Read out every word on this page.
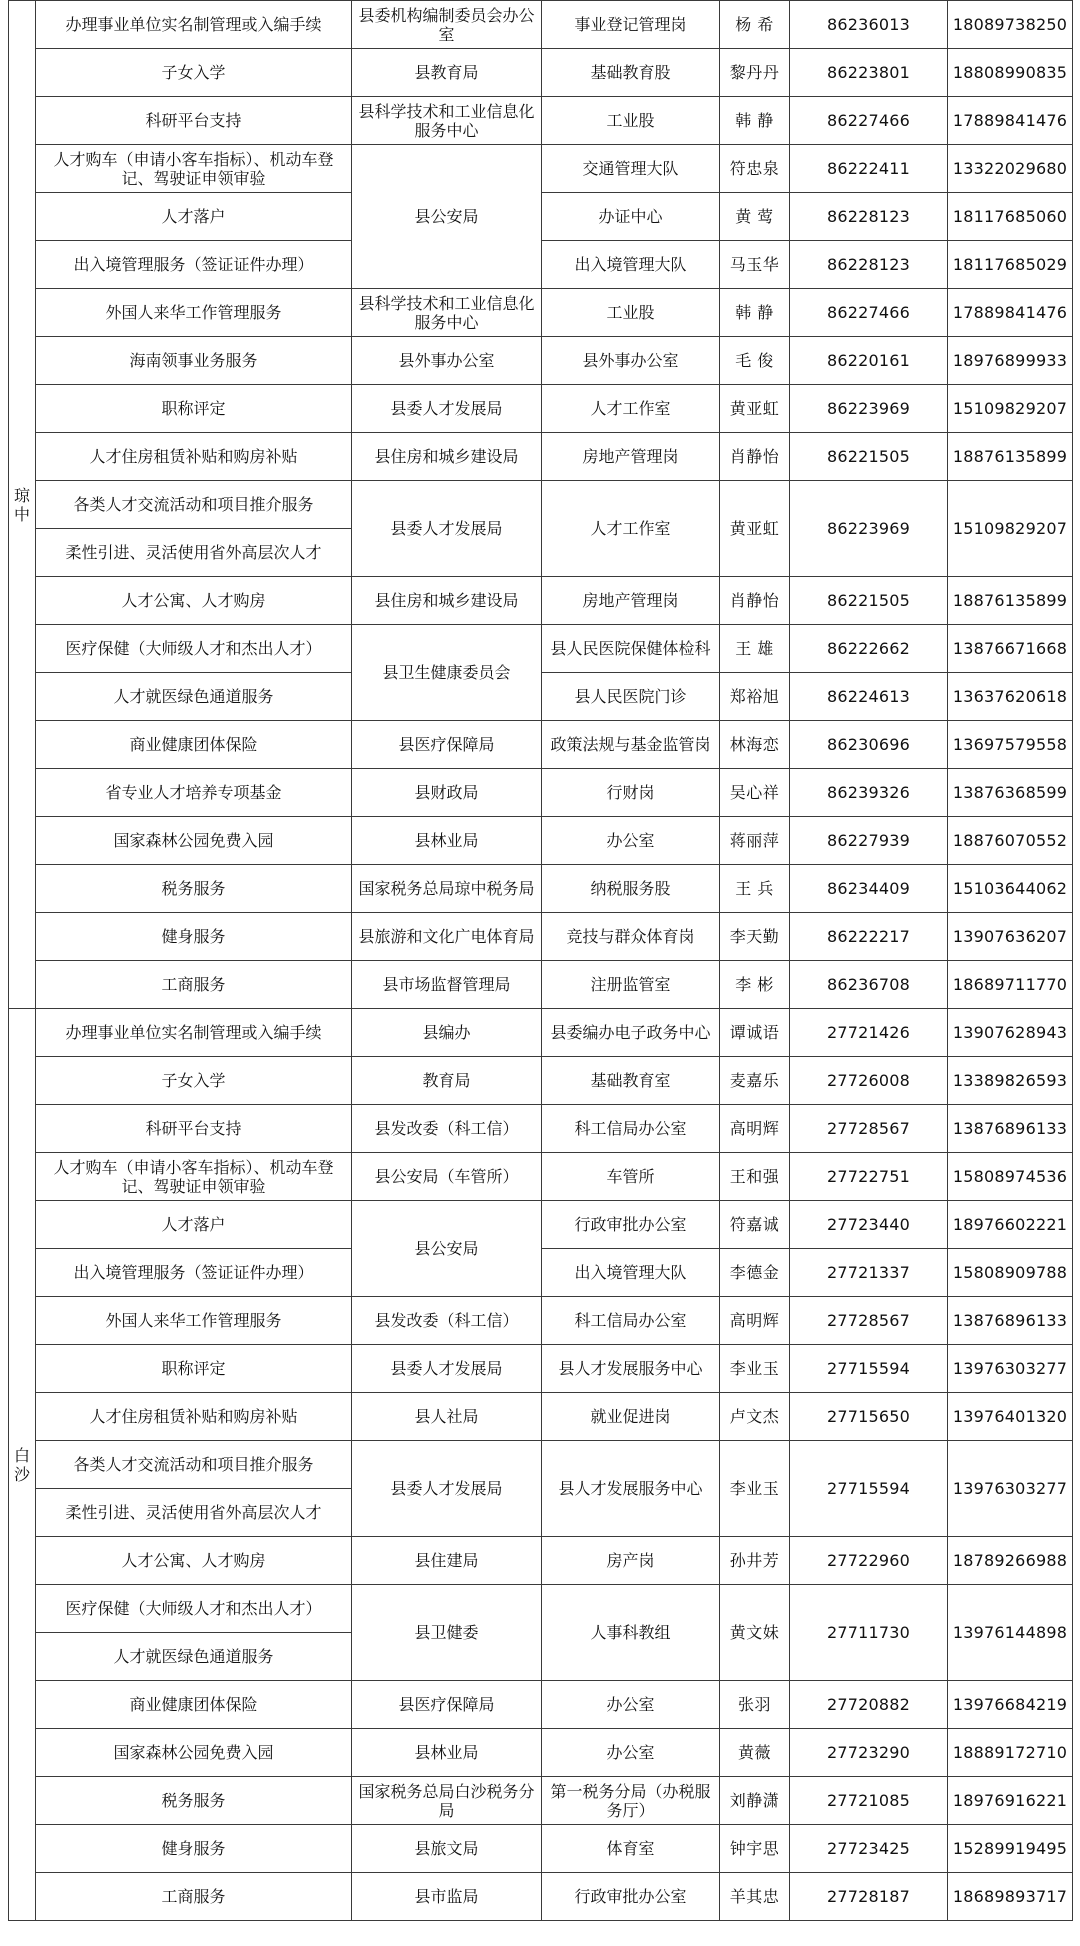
琼中	办理事业单位实名制管理或入编手续	县委机构编制委员会办公室	事业登记管理岗	杨 希	86236013	18089738250
	子女入学	县教育局	基础教育股	黎丹丹	86223801	18808990835
	科研平台支持	县科学技术和工业信息化服务中心	工业股	韩 静	86227466	17889841476
	人才购车（申请小客车指标）、机动车登记、驾驶证申领审验	县公安局	交通管理大队	符忠泉	86222411	13322029680
	人才落户		办证中心	黄 莺	86228123	18117685060
	出入境管理服务（签证证件办理）		出入境管理大队	马玉华	86228123	18117685029
	外国人来华工作管理服务	县科学技术和工业信息化服务中心	工业股	韩 静	86227466	17889841476
	海南领事业务服务	县外事办公室	县外事办公室	毛 俊	86220161	18976899933
	职称评定	县委人才发展局	人才工作室	黄亚虹	86223969	15109829207
	人才住房租赁补贴和购房补贴	县住房和城乡建设局	房地产管理岗	肖静怡	86221505	18876135899
	各类人才交流活动和项目推介服务	县委人才发展局	人才工作室	黄亚虹	86223969	15109829207
	柔性引进、灵活使用省外高层次人才					
	人才公寓、人才购房	县住房和城乡建设局	房地产管理岗	肖静怡	86221505	18876135899
	医疗保健（大师级人才和杰出人才）	县卫生健康委员会	县人民医院保健体检科	王 雄	86222662	13876671668
	人才就医绿色通道服务		县人民医院门诊	郑裕旭	86224613	13637620618
	商业健康团体保险	县医疗保障局	政策法规与基金监管岗	林海恋	86230696	13697579558
	省专业人才培养专项基金	县财政局	行财岗	吴心祥	86239326	13876368599
	国家森林公园免费入园	县林业局	办公室	蒋丽萍	86227939	18876070552
	税务服务	国家税务总局琼中税务局	纳税服务股	王 兵	86234409	15103644062
	健身服务	县旅游和文化广电体育局	竞技与群众体育岗	李天勤	86222217	13907636207
	工商服务	县市场监督管理局	注册监管室	李 彬	86236708	18689711770
白沙	办理事业单位实名制管理或入编手续	县编办	县委编办电子政务中心	谭诚语	27721426	13907628943
	子女入学	教育局	基础教育室	麦嘉乐	27726008	13389826593
	科研平台支持	县发改委（科工信）	科工信局办公室	高明辉	27728567	13876896133
	人才购车（申请小客车指标）、机动车登记、驾驶证申领审验	县公安局（车管所）	车管所	王和强	27722751	15808974536
	人才落户	县公安局	行政审批办公室	符嘉诚	27723440	18976602221
	出入境管理服务（签证证件办理）		出入境管理大队	李德金	27721337	15808909788
	外国人来华工作管理服务	县发改委（科工信）	科工信局办公室	高明辉	27728567	13876896133
	职称评定	县委人才发展局	县人才发展服务中心	李业玉	27715594	13976303277
	人才住房租赁补贴和购房补贴	县人社局	就业促进岗	卢文杰	27715650	13976401320
	各类人才交流活动和项目推介服务	县委人才发展局	县人才发展服务中心	李业玉	27715594	13976303277
	柔性引进、灵活使用省外高层次人才					
	人才公寓、人才购房	县住建局	房产岗	孙井芳	27722960	18789266988
	医疗保健（大师级人才和杰出人才）	县卫健委	人事科教组	黄文妹	27711730	13976144898
	人才就医绿色通道服务					
	商业健康团体保险	县医疗保障局	办公室	张羽	27720882	13976684219
	国家森林公园免费入园	县林业局	办公室	黄薇	27723290	18889172710
	税务服务	国家税务总局白沙税务分局	第一税务分局（办税服务厅）	刘静潇	27721085	18976916221
	健身服务	县旅文局	体育室	钟宇思	27723425	15289919495
	工商服务	县市监局	行政审批办公室	羊其忠	27728187	18689893717
